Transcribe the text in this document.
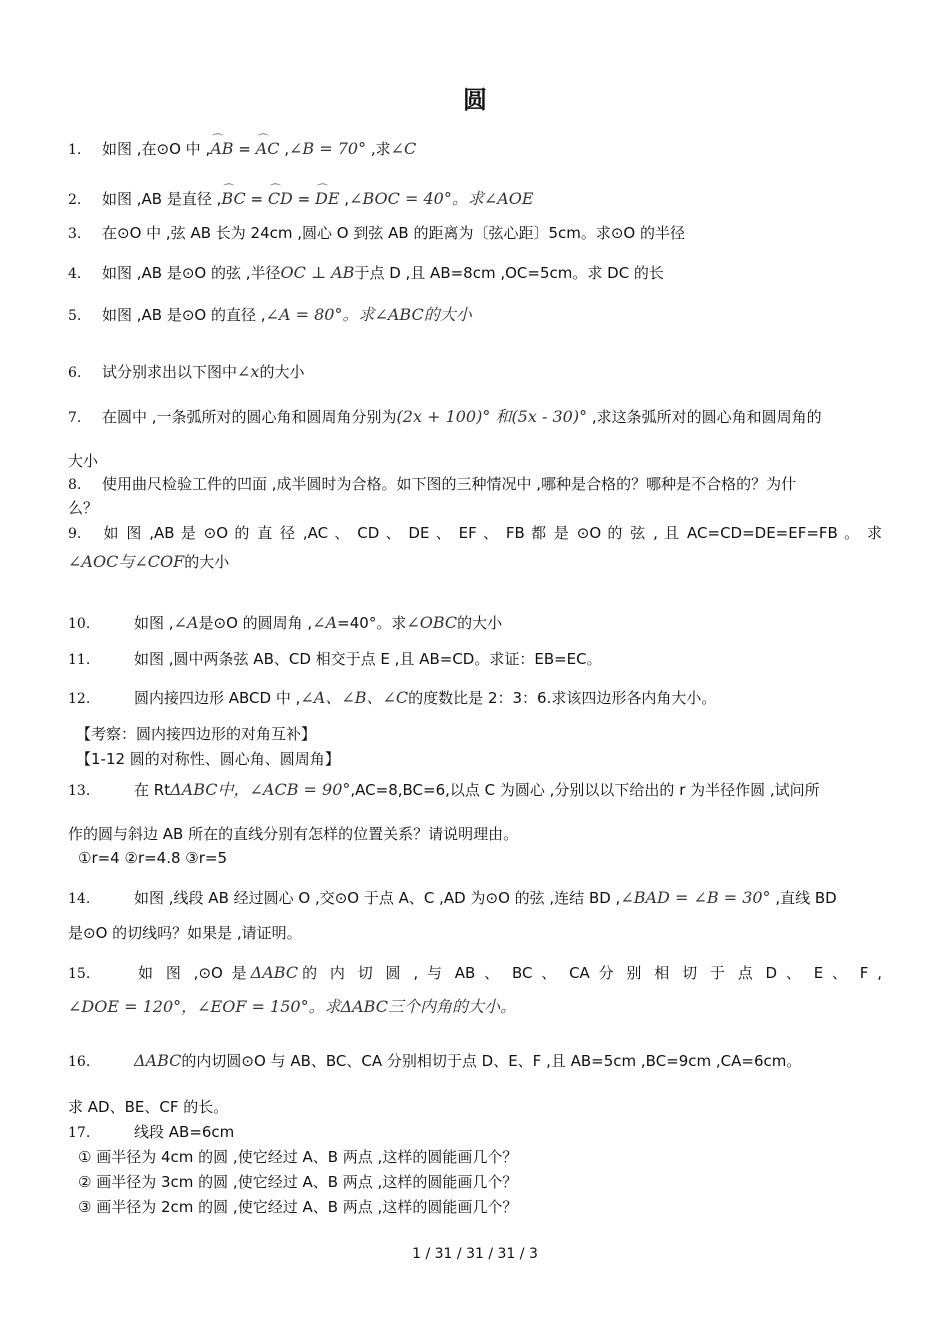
圆
1. 如图 ,在⊙O 中 ,⌒ AB = ⌒ AC ,∠B = 70° ,求∠C
2. 如图 ,AB 是直径 ,⌒ BC = ⌒ CD = ⌒ DE ,∠BOC = 40°。求∠AOE
3. 在⊙O 中 ,弦 AB 长为 24cm ,圆心 O 到弦 AB 的距离为〔弦心距〕5cm。求⊙O 的半径
4. 如图 ,AB 是⊙O 的弦 ,半径OC ⊥ AB于点 D ,且 AB=8cm ,OC=5cm。求 DC 的长
5. 如图 ,AB 是⊙O 的直径 ,∠A = 80°。求∠ABC的大小
6. 试分别求出以下图中∠x的大小
7. 在圆中 ,一条弧所对的圆心角和圆周角分别为(2x + 100)° 和(5x - 30)° ,求这条弧所对的圆心角和圆周角的
大小
8. 使用曲尺检验工件的凹面 ,成半圆时为合格。如下图的三种情况中 ,哪种是合格的？哪种是不合格的？为什
么？
9. 如 图 ,AB 是 ⊙O 的 直 径 ,AC 、 CD 、 DE 、 EF 、 FB 都 是 ⊙O 的 弦 , 且 AC=CD=DE=EF=FB 。 求
∠AOC与∠COF的大小
10.	如图 ,∠A是⊙O 的圆周角 ,∠A=40°。求∠OBC的大小
11.	如图 ,圆中两条弦 AB、CD 相交于点 E ,且 AB=CD。求证：EB=EC。
12.	圆内接四边形 ABCD 中 ,∠A、∠B、∠C的度数比是 2：3：6.求该四边形各内角大小。
【考察：圆内接四边形的对角互补】
【1-12 圆的对称性、圆心角、圆周角】
13.	在 RtΔABC中，∠ACB = 90°,AC=8,BC=6,以点 C 为圆心 ,分别以以下给出的 r 为半径作圆 ,试问所
作的圆与斜边 AB 所在的直线分别有怎样的位置关系？请说明理由。
①r=4 ②r=4.8 ③r=5
14.	如图 ,线段 AB 经过圆心 O ,交⊙O 于点 A、C ,AD 为⊙O 的弦 ,连结 BD ,∠BAD = ∠B = 30° ,直线 BD
是⊙O 的切线吗？如果是 ,请证明。
15.	如 图 ,⊙O 是ΔABC的 内 切 圆 , 与 AB 、 BC 、 CA 分 别 相 切 于 点 D 、 E 、 F ,
∠DOE = 120°，∠EOF = 150°。求ΔABC三个内角的大小。
16.	ΔABC的内切圆⊙O 与 AB、BC、CA 分别相切于点 D、E、F ,且 AB=5cm ,BC=9cm ,CA=6cm。
求 AD、BE、CF 的长。
17.	线段 AB=6cm
① 画半径为 4cm 的圆 ,使它经过 A、B 两点 ,这样的圆能画几个？
② 画半径为 3cm 的圆 ,使它经过 A、B 两点 ,这样的圆能画几个？
③ 画半径为 2cm 的圆 ,使它经过 A、B 两点 ,这样的圆能画几个？
1 / 31 / 31 / 31 / 3
